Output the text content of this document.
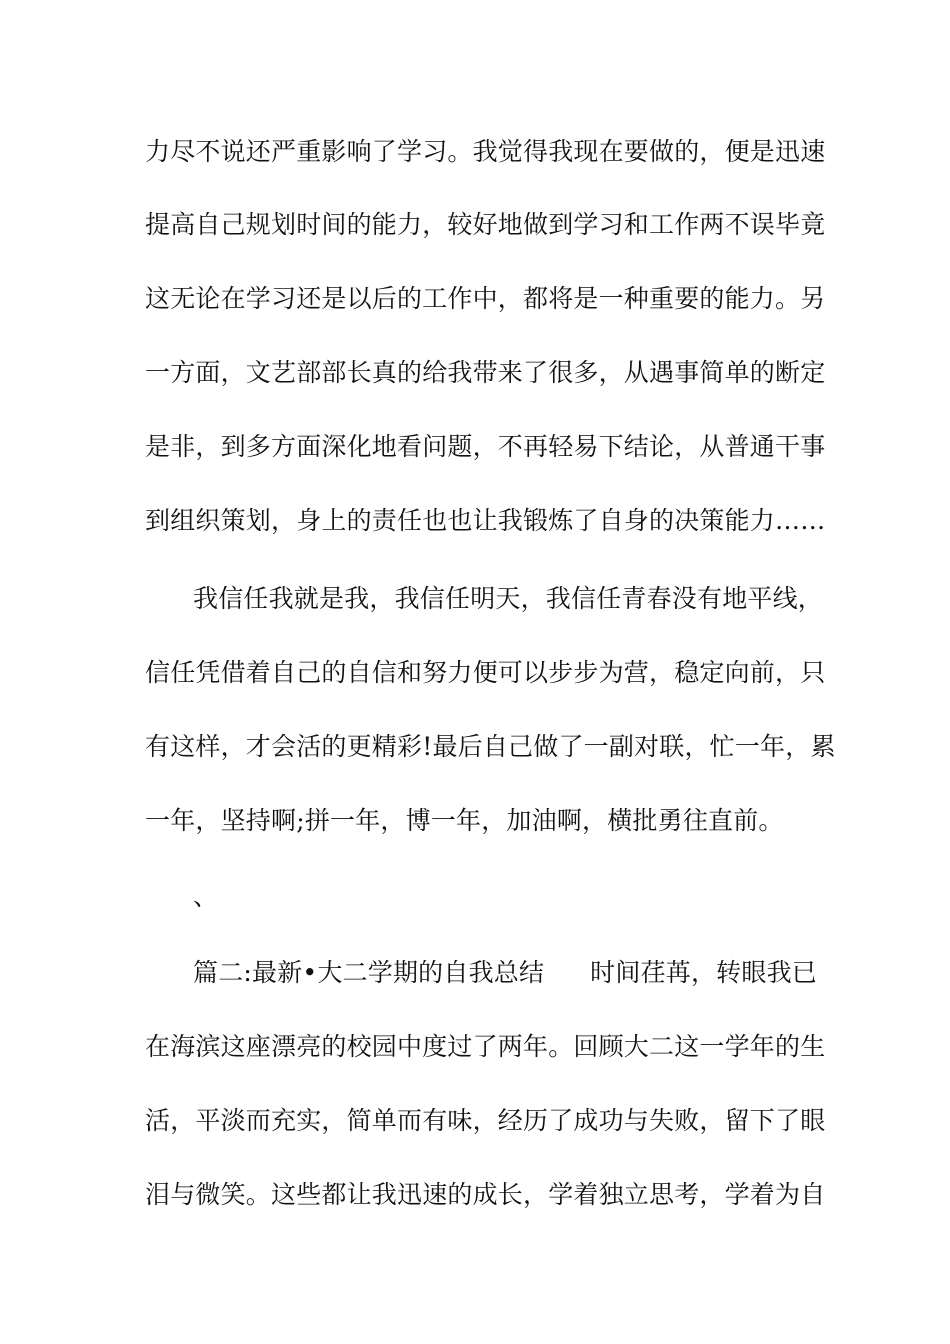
力尽不说还严重影响了学习。我觉得我现在要做的，便是迅速
提高自己规划时间的能力，较好地做到学习和工作两不误毕竟
这无论在学习还是以后的工作中，都将是一种重要的能力。另
一方面，文艺部部长真的给我带来了很多，从遇事简单的断定
是非，到多方面深化地看问题，不再轻易下结论，从普通干事
到组织策划，身上的责任也也让我锻炼了自身的决策能力……
我信任我就是我，我信任明天，我信任青春没有地平线，
信任凭借着自己的自信和努力便可以步步为营，稳定向前，只
有这样，才会活的更精彩!最后自己做了一副对联，忙一年，累
一年，坚持啊;拼一年，博一年，加油啊，横批勇往直前。
、
篇二:最新•大二学期的自我总结 时间荏苒，转眼我已
在海滨这座漂亮的校园中度过了两年。回顾大二这一学年的生
活，平淡而充实，简单而有味，经历了成功与失败，留下了眼
泪与微笑。这些都让我迅速的成长，学着独立思考，学着为自
